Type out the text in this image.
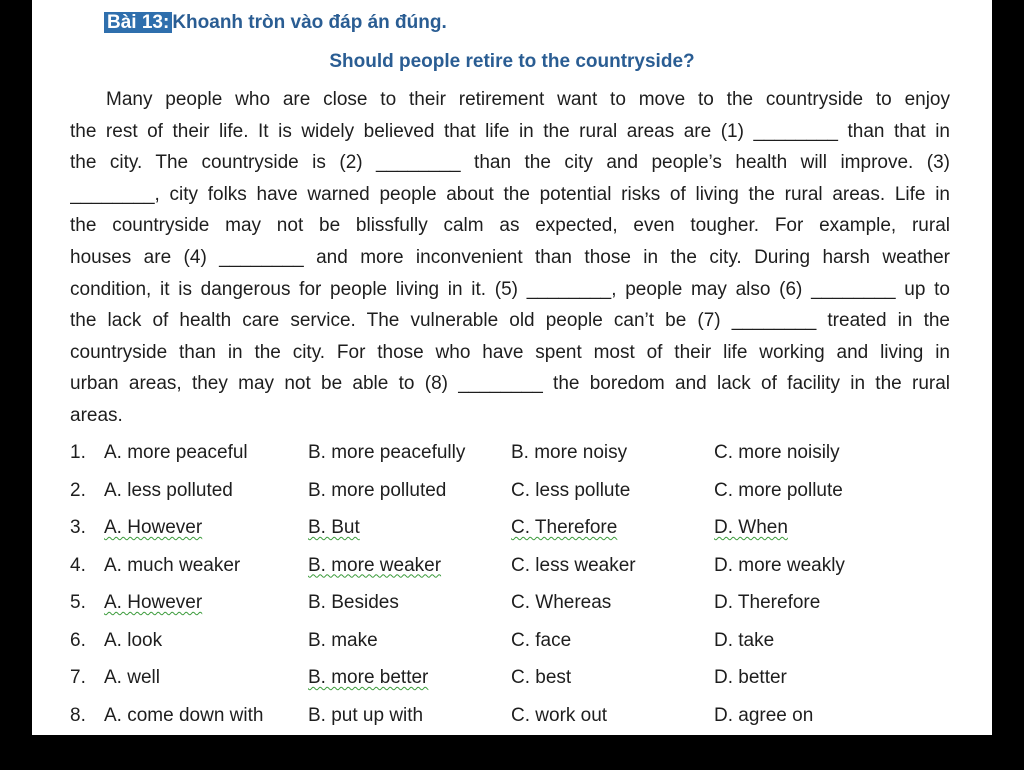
Bài 13: Khoanh tròn vào đáp án đúng.
Should people retire to the countryside?
Many people who are close to their retirement want to move to the countryside to enjoy
the rest of their life. It is widely believed that life in the rural areas are (1) ________ than that in
the city. The countryside is (2) ________ than the city and people’s health will improve. (3)
________, city folks have warned people about the potential risks of living the rural areas. Life in
the countryside may not be blissfully calm as expected, even tougher. For example, rural
houses are (4) ________ and more inconvenient than those in the city. During harsh weather
condition, it is dangerous for people living in it. (5) ________, people may also (6) ________ up to
the lack of health care service. The vulnerable old people can’t be (7) ________ treated in the
countryside than in the city. For those who have spent most of their life working and living in
urban areas, they may not be able to (8) ________ the boredom and lack of facility in the rural
areas.
1. A. more peaceful	B. more peacefully B. more noisy	C. more noisily
2. A. less polluted	B. more polluted	C. less pollute	C. more pollute
3. A. However	B. But	C. Therefore	D. When
4. A. much weaker	B. more weaker	C. less weaker	D. more weakly
5. A. However	B. Besides	C. Whereas	D. Therefore
6. A. look	B. make	C. face	D. take
7. A. well	B. more better	C. best	D. better
8. A. come down with B. put up with	C. work out	D. agree on
